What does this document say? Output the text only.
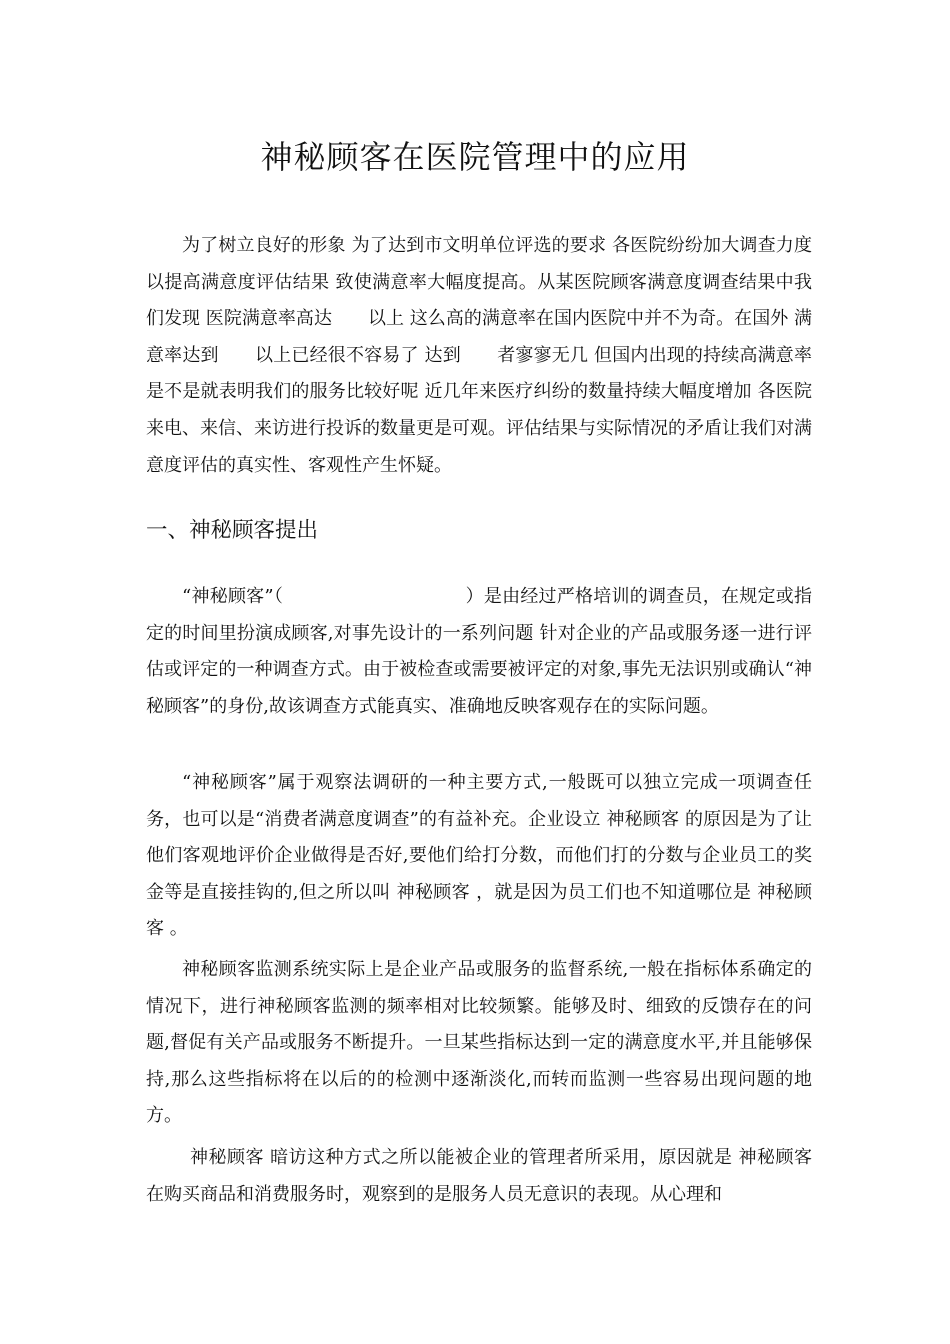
神秘顾客在医院管理中的应用

为了树立良好的形象 为了达到市文明单位评选的要求 各医院纷纷加大调查力度 以提高满意度评估结果 致使满意率大幅度提高。从某医院顾客满意度调查结果中我们发现 医院满意率高达　　以上 这么高的满意率在国内医院中并不为奇。在国外 满意率达到　　以上已经很不容易了 达到　　者寥寥无几 但国内出现的持续高满意率是不是就表明我们的服务比较好呢 近几年来医疗纠纷的数量持续大幅度增加 各医院来电、来信、来访进行投诉的数量更是可观。评估结果与实际情况的矛盾让我们对满意度评估的真实性、客观性产生怀疑。

一、神秘顾客提出

“神秘顾客”（　　　　　　　　　　）是由经过严格培训的调查员，在规定或指定的时间里扮演成顾客,对事先设计的一系列问题 针对企业的产品或服务逐一进行评估或评定的一种调查方式。由于被检查或需要被评定的对象,事先无法识别或确认“神秘顾客”的身份,故该调查方式能真实、准确地反映客观存在的实际问题。

“神秘顾客”属于观察法调研的一种主要方式,一般既可以独立完成一项调查任务，也可以是“消费者满意度调查”的有益补充。企业设立 神秘顾客 的原因是为了让他们客观地评价企业做得是否好,要他们给打分数，而他们打的分数与企业员工的奖金等是直接挂钩的,但之所以叫 神秘顾客 ，就是因为员工们也不知道哪位是 神秘顾客 。

神秘顾客监测系统实际上是企业产品或服务的监督系统,一般在指标体系确定的情况下，进行神秘顾客监测的频率相对比较频繁。能够及时、细致的反馈存在的问题,督促有关产品或服务不断提升。一旦某些指标达到一定的满意度水平,并且能够保持,那么这些指标将在以后的的检测中逐渐淡化,而转而监测一些容易出现问题的地方。

神秘顾客 暗访这种方式之所以能被企业的管理者所采用，原因就是 神秘顾客 在购买商品和消费服务时，观察到的是服务人员无意识的表现。从心理和
